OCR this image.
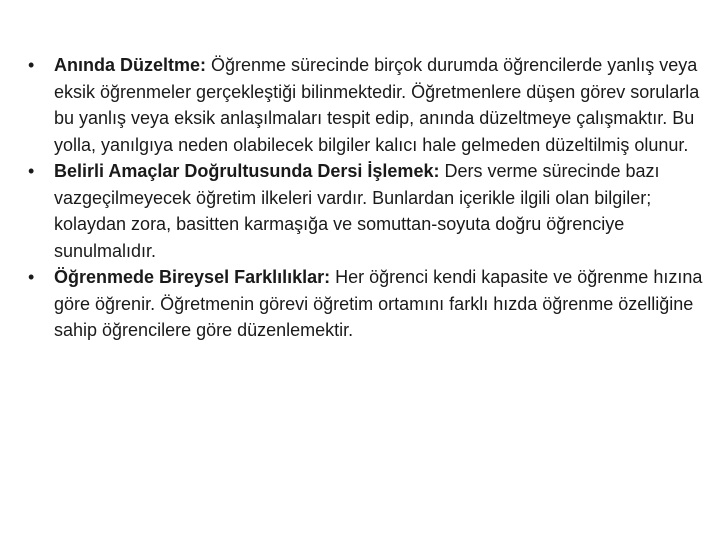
• Anında Düzeltme: Öğrenme sürecinde birçok durumda öğrencilerde yanlış veya eksik öğrenmeler gerçekleştiği bilinmektedir. Öğretmenlere düşen görev sorularla bu yanlış veya eksik anlaşılmaları tespit edip, anında düzeltmeye çalışmaktır. Bu yolla, yanılgıya neden olabilecek bilgiler kalıcı hale gelmeden düzeltilmiş olunur.
• Belirli Amaçlar Doğrultusunda Dersi İşlemek: Ders verme sürecinde bazı vazgeçilmeyecek öğretim ilkeleri vardır. Bunlardan içerikle ilgili olan bilgiler; kolaydan zora, basitten karmaşığa ve somuttan-soyuta doğru öğrenciye sunulmalıdır.
• Öğrenmede Bireysel Farklılıklar: Her öğrenci kendi kapasite ve öğrenme hızına göre öğrenir. Öğretmenin görevi öğretim ortamını farklı hızda öğrenme özelliğine sahip öğrencilere göre düzenlemektir.
